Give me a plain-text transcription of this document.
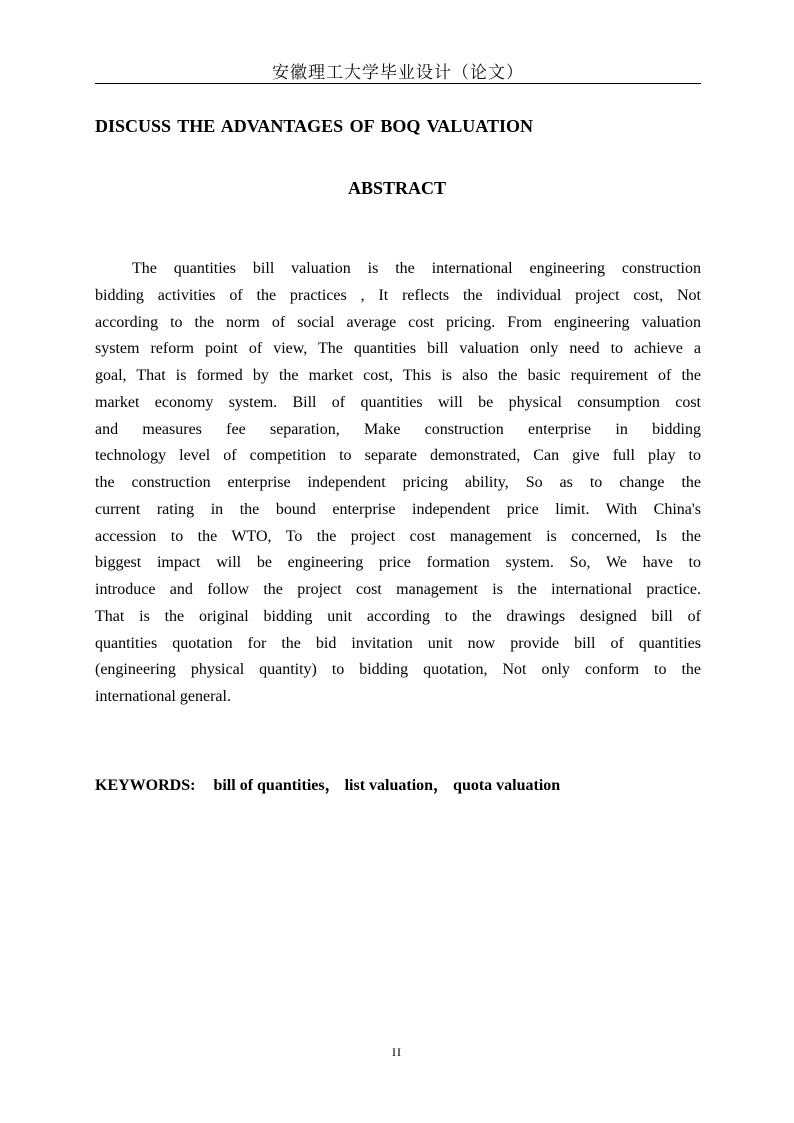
安徽理工大学毕业设计（论文）
DISCUSS THE ADVANTAGES OF BOQ VALUATION
ABSTRACT
The quantities bill valuation is the international engineering construction
bidding activities of the practices , It reflects the individual project cost, Not
according to the norm of social average cost pricing. From engineering valuation
system reform point of view, The quantities bill valuation only need to achieve a
goal, That is formed by the market cost, This is also the basic requirement of the
market economy system. Bill of quantities will be physical consumption cost
and measures fee separation, Make construction enterprise in bidding
technology level of competition to separate demonstrated, Can give full play to
the construction enterprise independent pricing ability, So as to change the
current rating in the bound enterprise independent price limit. With China's
accession to the WTO, To the project cost management is concerned, Is the
biggest impact will be engineering price formation system. So, We have to
introduce and follow the project cost management is the international practice.
That is the original bidding unit according to the drawings designed bill of
quantities quotation for the bid invitation unit now provide bill of quantities
(engineering physical quantity) to bidding quotation, Not only conform to the
international general.
KEYWORDS: bill of quantities， list valuation， quota valuation
II
